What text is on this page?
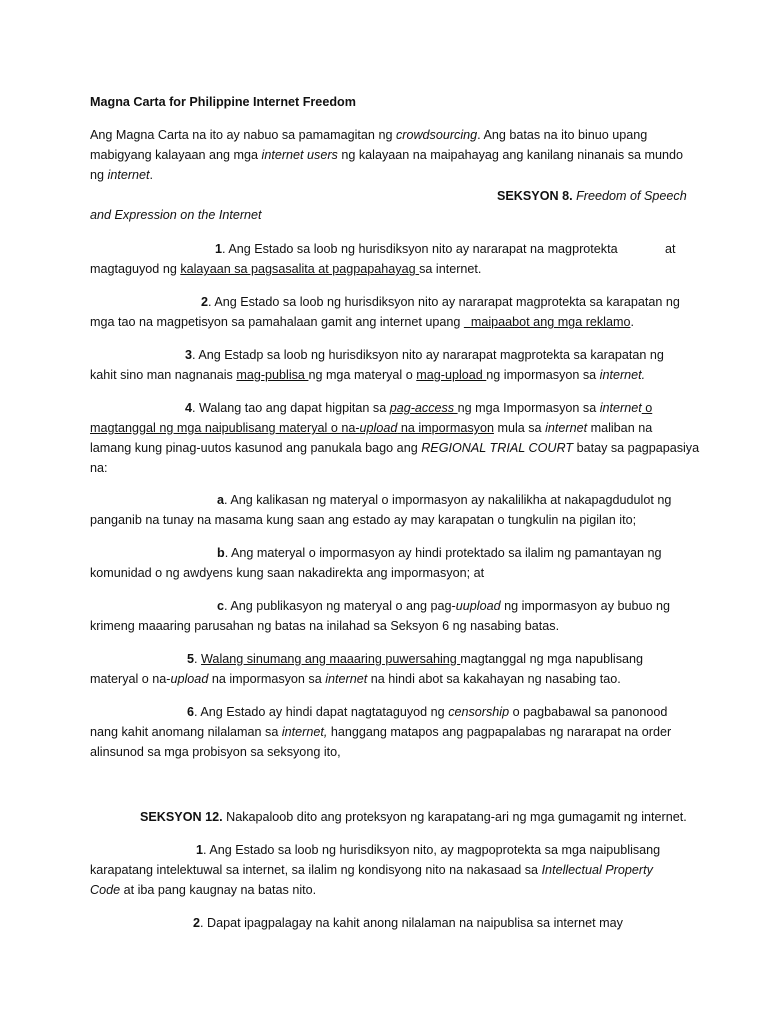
Magna Carta for Philippine Internet Freedom
Ang Magna Carta na ito ay nabuo sa pamamagitan ng crowdsourcing. Ang batas na ito binuo upang
mabigyang kalayaan ang mga internet users ng kalayaan na maipahayag ang kanilang ninanais sa mundo
ng internet.
SEKSYON 8. Freedom of Speech
and Expression on the Internet
1. Ang Estado sa loob ng hurisdiksyon nito ay nararapat na magprotekta	at
magtaguyod ng kalayaan sa pagsasalita at pagpapahayag sa internet.
2. Ang Estado sa loob ng hurisdiksyon nito ay nararapat magprotekta sa karapatan ng
mga tao na magpetisyon sa pamahalaan gamit ang internet upang   maipaabot ang mga reklamo.
3. Ang Estadp sa loob ng hurisdiksyon nito ay nararapat magprotekta sa karapatan ng
kahit sino man nagnanais mag-publisa ng mga materyal o mag-upload ng impormasyon sa internet.
4. Walang tao ang dapat higpitan sa pag-access ng mga Impormasyon sa internet o
magtanggal ng mga naipublisang materyal o na-upload na impormasyon mula sa internet maliban na
lamang kung pinag-uutos kasunod ang panukala bago ang REGIONAL TRIAL COURT batay sa pagpapasiya
na:
a. Ang kalikasan ng materyal o impormasyon ay nakalilikha at nakapagdudulot ng
panganib na tunay na masama kung saan ang estado ay may karapatan o tungkulin na pigilan ito;
b. Ang materyal o impormasyon ay hindi protektado sa ilalim ng pamantayan ng
komunidad o ng awdyens kung saan nakadirekta ang impormasyon; at
c. Ang publikasyon ng materyal o ang pag-uupload ng impormasyon ay bubuo ng
krimeng maaaring parusahan ng batas na inilahad sa Seksyon 6 ng nasabing batas.
5. Walang sinumang ang maaaring puwersahing magtanggal ng mga napublisang
materyal o na-upload na impormasyon sa internet na hindi abot sa kakahayan ng nasabing tao.
6. Ang Estado ay hindi dapat nagtataguyod ng censorship o pagbabawal sa panonood
nang kahit anomang nilalaman sa internet, hanggang matapos ang pagpapalabas ng nararapat na order
alinsunod sa mga probisyon sa seksyong ito,
SEKSYON 12. Nakapaloob dito ang proteksyon ng karapatang-ari ng mga gumagamit ng internet.
1. Ang Estado sa loob ng hurisdiksyon nito, ay magpoprotekta sa mga naipublisang
karapatang intelektuwal sa internet, sa ilalim ng kondisyong nito na nakasaad sa Intellectual Property
Code at iba pang kaugnay na batas nito.
2. Dapat ipagpalagay na kahit anong nilalaman na naipublisa sa internet may
